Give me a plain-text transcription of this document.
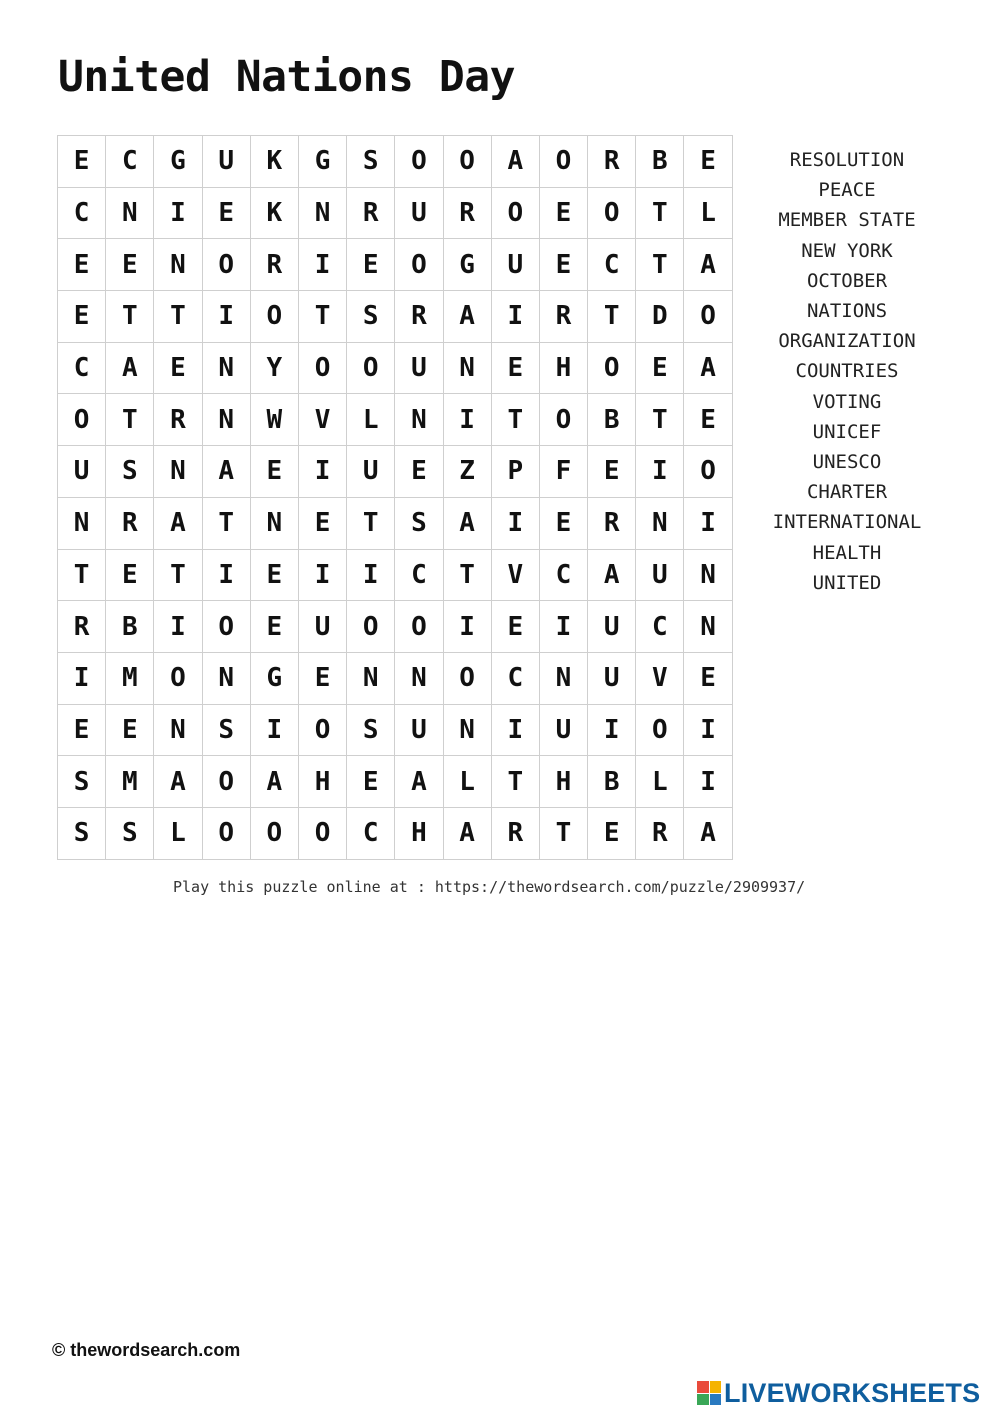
United Nations Day
E	C	G	U	K	G	S	O	O	A	O	R	B	E
C	N	I	E	K	N	R	U	R	O	E	O	T	L
E	E	N	O	R	I	E	O	G	U	E	C	T	A
E	T	T	I	O	T	S	R	A	I	R	T	D	O
C	A	E	N	Y	O	O	U	N	E	H	O	E	A
O	T	R	N	W	V	L	N	I	T	O	B	T	E
U	S	N	A	E	I	U	E	Z	P	F	E	I	O
N	R	A	T	N	E	T	S	A	I	E	R	N	I
T	E	T	I	E	I	I	C	T	V	C	A	U	N
R	B	I	O	E	U	O	O	I	E	I	U	C	N
I	M	O	N	G	E	N	N	O	C	N	U	V	E
E	E	N	S	I	O	S	U	N	I	U	I	O	I
S	M	A	O	A	H	E	A	L	T	H	B	L	I
S	S	L	O	O	O	C	H	A	R	T	E	R	A
RESOLUTION
PEACE
MEMBER STATE
NEW YORK
OCTOBER
NATIONS
ORGANIZATION
COUNTRIES
VOTING
UNICEF
UNESCO
CHARTER
INTERNATIONAL
HEALTH
UNITED
Play this puzzle online at : https://thewordsearch.com/puzzle/2909937/
© thewordsearch.com
LIVEWORKSHEETS
